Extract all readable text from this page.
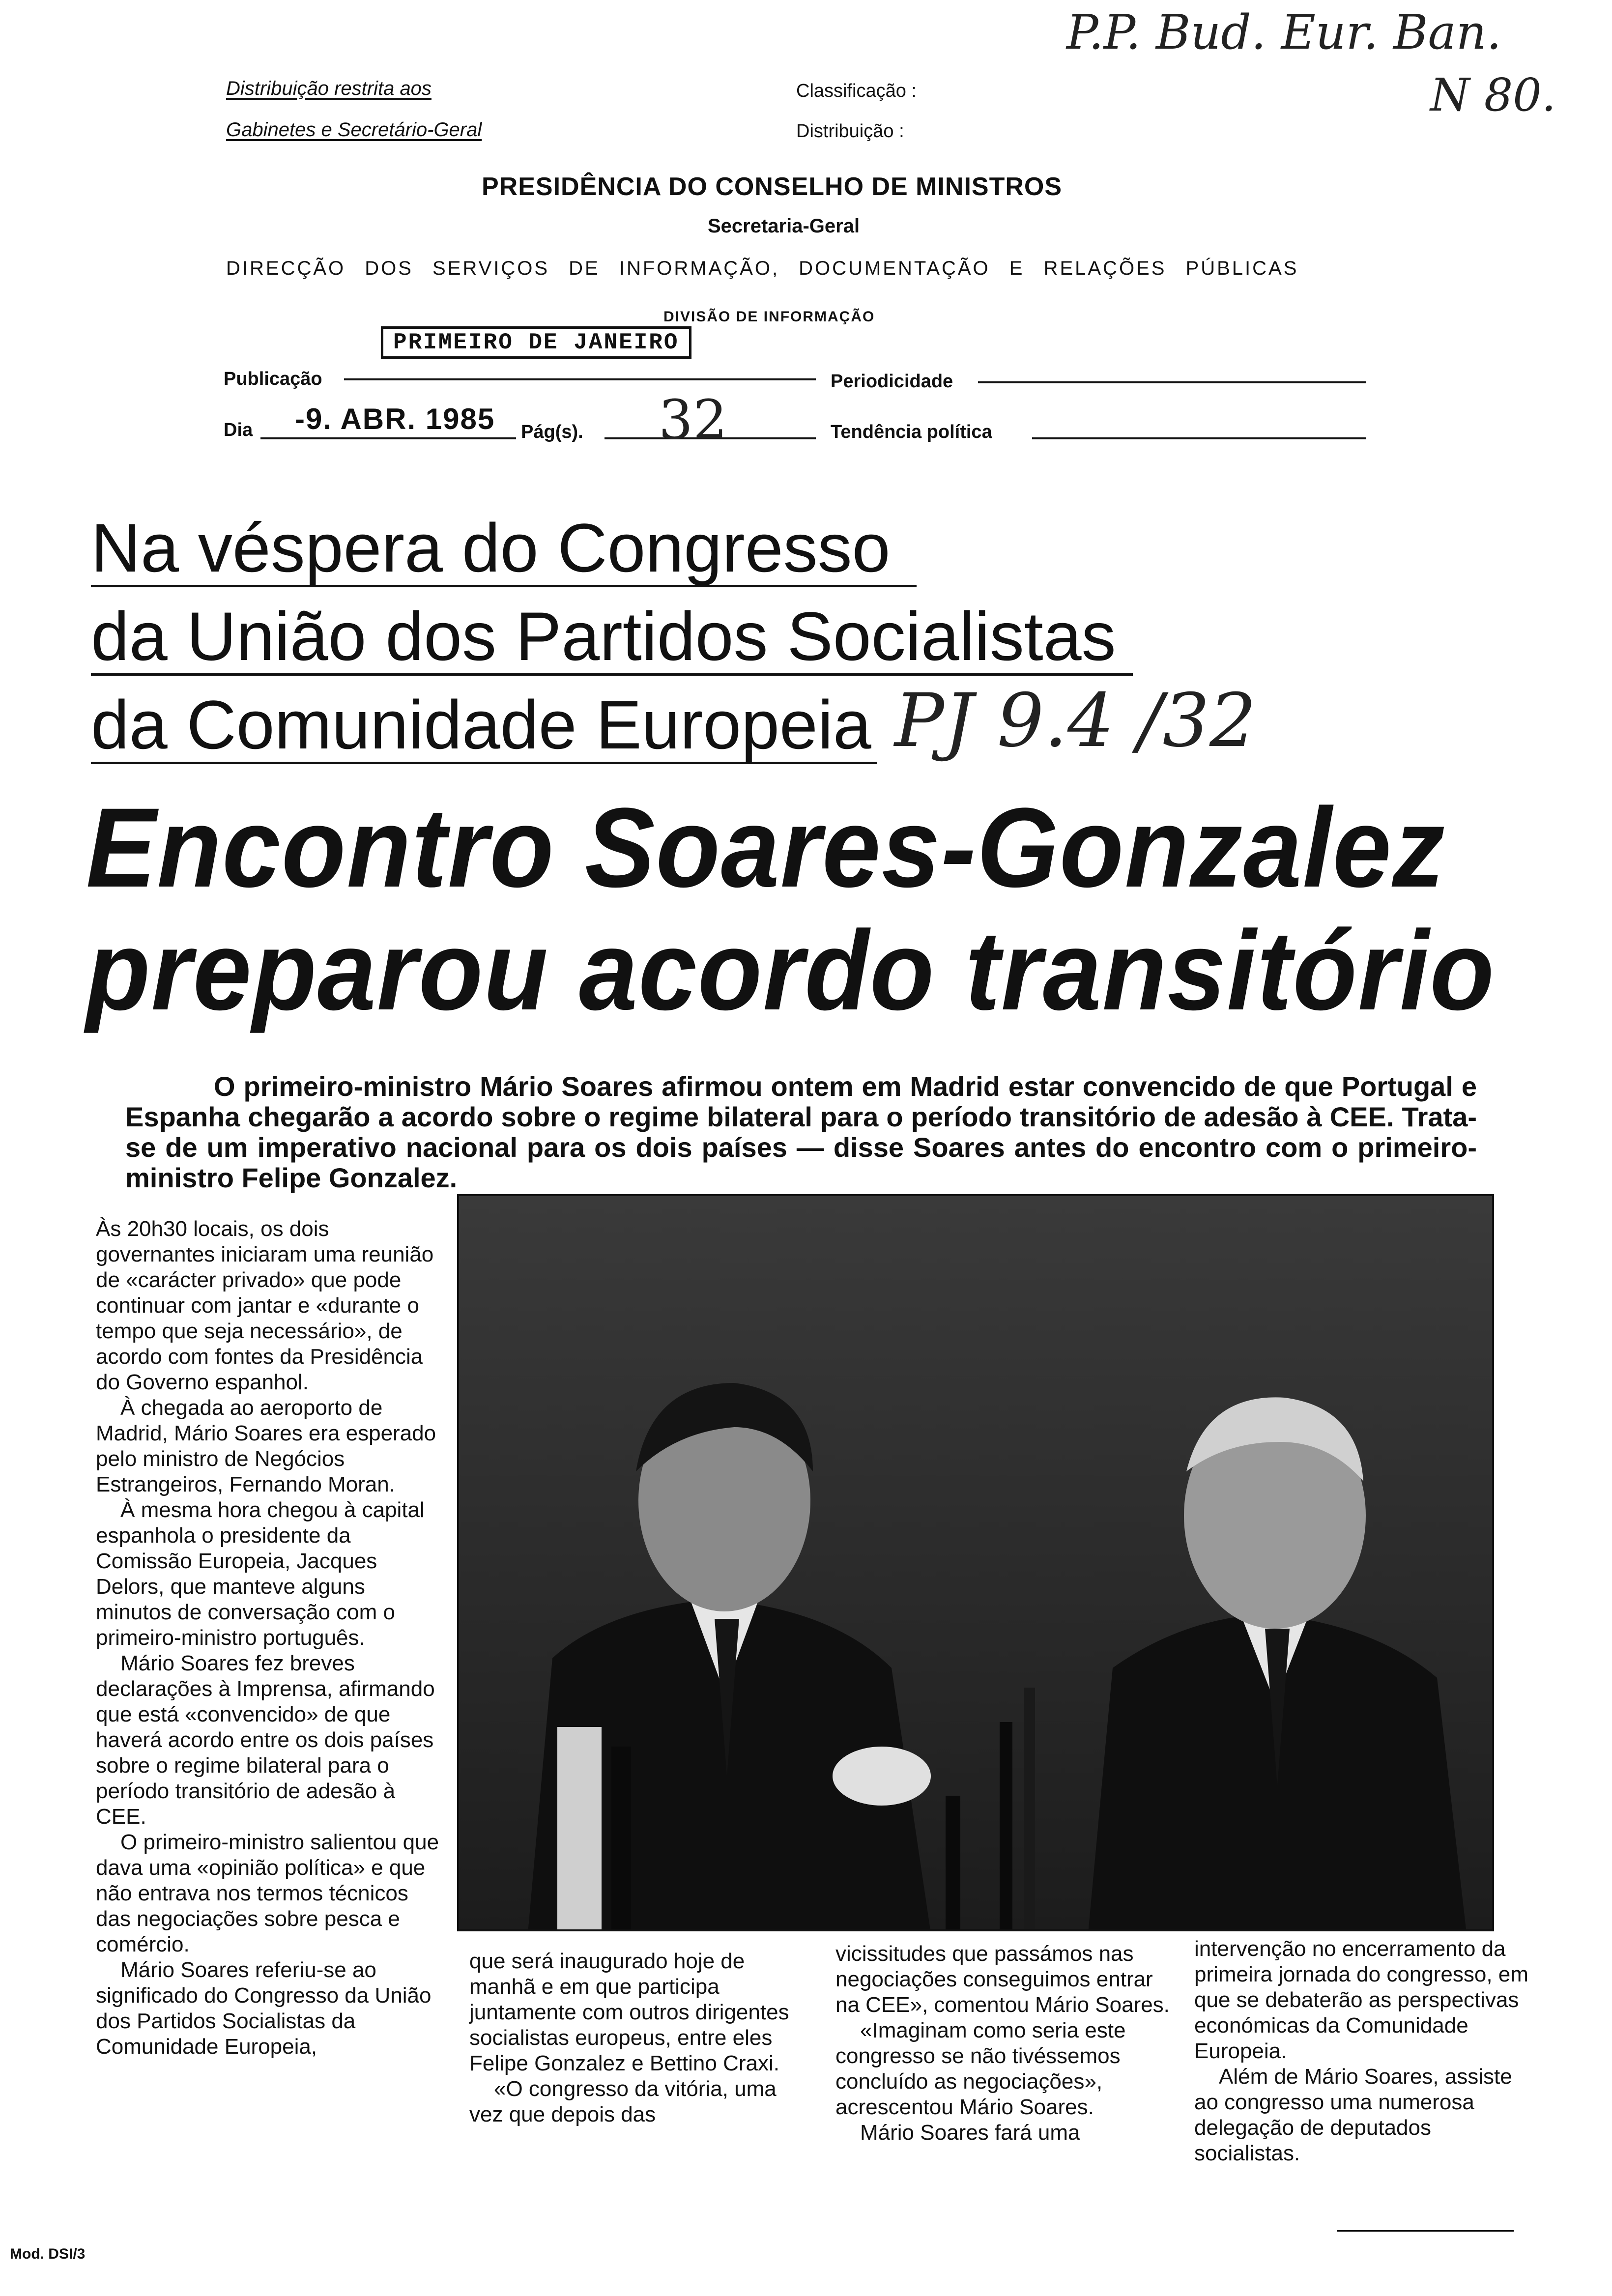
Distribuição restrita aos
Gabinetes e Secretário-Geral
Classificação :
Distribuição :
P.P. Bud. Eur. Ban.
N 80.
PRESIDÊNCIA DO CONSELHO DE MINISTROS
Secretaria-Geral
DIRECÇÃO DOS SERVIÇOS DE INFORMAÇÃO, DOCUMENTAÇÃO E RELAÇÕES PÚBLICAS
DIVISÃO DE INFORMAÇÃO
PRIMEIRO DE JANEIRO
Publicação	Periodicidade
Dia -9. ABR. 1985 Pág(s). 32	Tendência política
Na véspera do Congresso
da União dos Partidos Socialistas
da Comunidade Europeia PJ 9.4 /32
Encontro Soares-Gonzalez
preparou acordo transitório
O primeiro-ministro Mário Soares afirmou ontem em Madrid estar convencido de que Portugal e Espanha chegarão a acordo sobre o regime bilateral para o período transitório de adesão à CEE. Trata-se de um imperativo nacional para os dois países — disse Soares antes do encontro com o primeiro-ministro Felipe Gonzalez.

Às 20h30 locais, os dois governantes iniciaram uma reunião de «carácter privado» que pode continuar com jantar e «durante o tempo que seja necessário», de acordo com fontes da Presidência do Governo espanhol.

À chegada ao aeroporto de Madrid, Mário Soares era esperado pelo ministro de Negócios Estrangeiros, Fernando Moran.

À mesma hora chegou à capital espanhola o presidente da Comissão Europeia, Jacques Delors, que manteve alguns minutos de conversação com o primeiro-ministro português.

Mário Soares fez breves declarações à Imprensa, afirmando que está «convencido» de que haverá acordo entre os dois países sobre o regime bilateral para o período transitório de adesão à CEE.

O primeiro-ministro salientou que dava uma «opinião política» e que não entrava nos termos técnicos das negociações sobre pesca e comércio.

Mário Soares referiu-se ao significado do Congresso da União dos Partidos Socialistas da Comunidade Europeia,

que será inaugurado hoje de manhã e em que participa juntamente com outros dirigentes socialistas europeus, entre eles Felipe Gonzalez e Bettino Craxi.

«O congresso da vitória, uma vez que depois das

vicissitudes que passámos nas negociações conseguimos entrar na CEE», comentou Mário Soares.

«Imaginam como seria este congresso se não tivéssemos concluído as negociações», acrescentou Mário Soares.

Mário Soares fará uma

intervenção no encerramento da primeira jornada do congresso, em que se debaterão as perspectivas económicas da Comunidade Europeia.

Além de Mário Soares, assiste ao congresso uma numerosa delegação de deputados socialistas.

Mod. DSI/3
